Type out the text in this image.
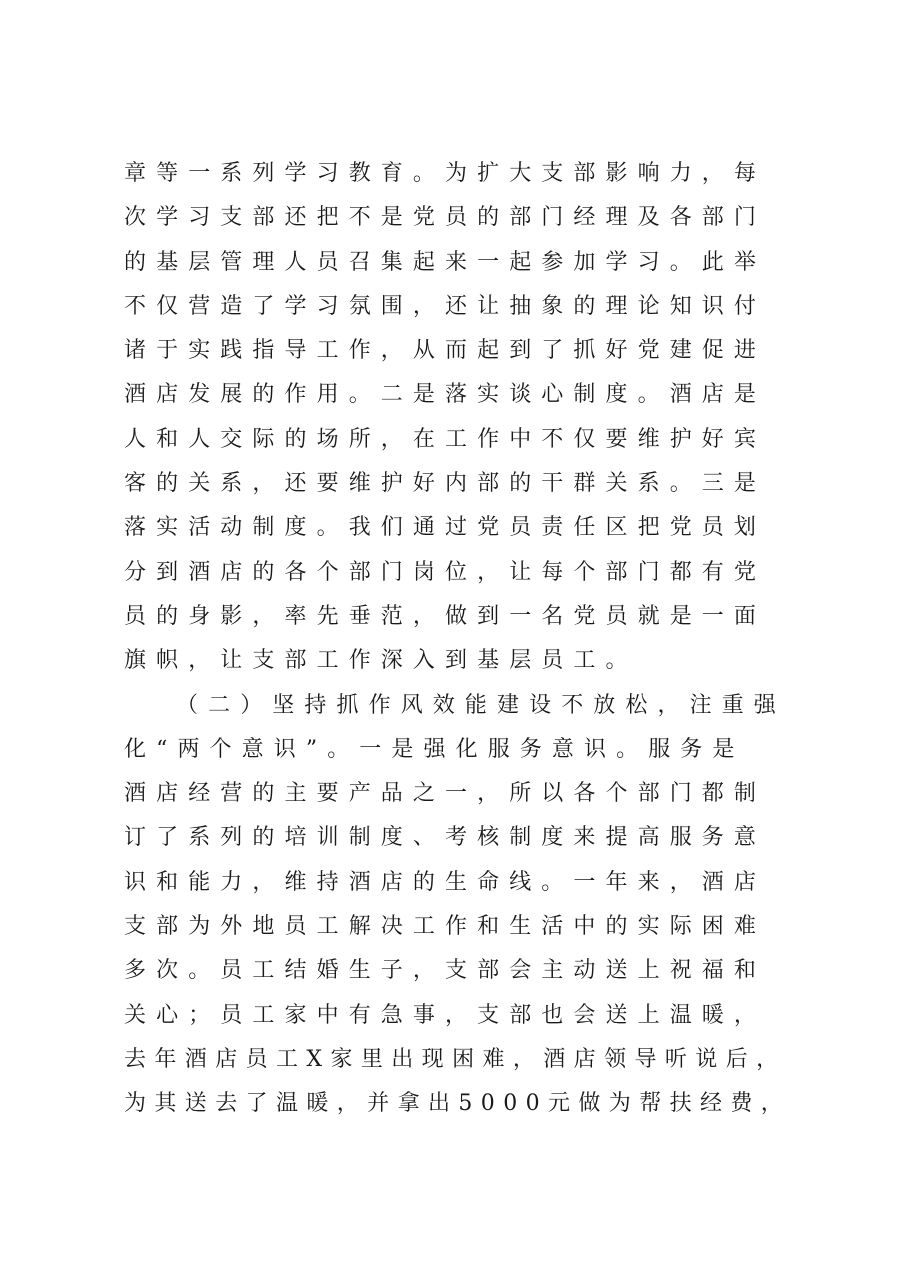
章等一系列学习教育。为扩大支部影响力，每
次学习支部还把不是党员的部门经理及各部门
的基层管理人员召集起来一起参加学习。此举
不仅营造了学习氛围，还让抽象的理论知识付
诸于实践指导工作，从而起到了抓好党建促进
酒店发展的作用。二是落实谈心制度。酒店是
人和人交际的场所，在工作中不仅要维护好宾
客的关系，还要维护好内部的干群关系。三是
落实活动制度。我们通过党员责任区把党员划
分到酒店的各个部门岗位，让每个部门都有党
员的身影，率先垂范，做到一名党员就是一面
旗帜，让支部工作深入到基层员工。
（二）坚持抓作风效能建设不放松，注重强
化“两个意识”。一是强化服务意识。服务是
酒店经营的主要产品之一，所以各个部门都制
订了系列的培训制度、考核制度来提高服务意
识和能力，维持酒店的生命线。一年来，酒店
支部为外地员工解决工作和生活中的实际困难
多次。员工结婚生子，支部会主动送上祝福和
关心；员工家中有急事，支部也会送上温暖，
去年酒店员工X家里出现困难，酒店领导听说后，
为其送去了温暖，并拿出5000元做为帮扶经费，
